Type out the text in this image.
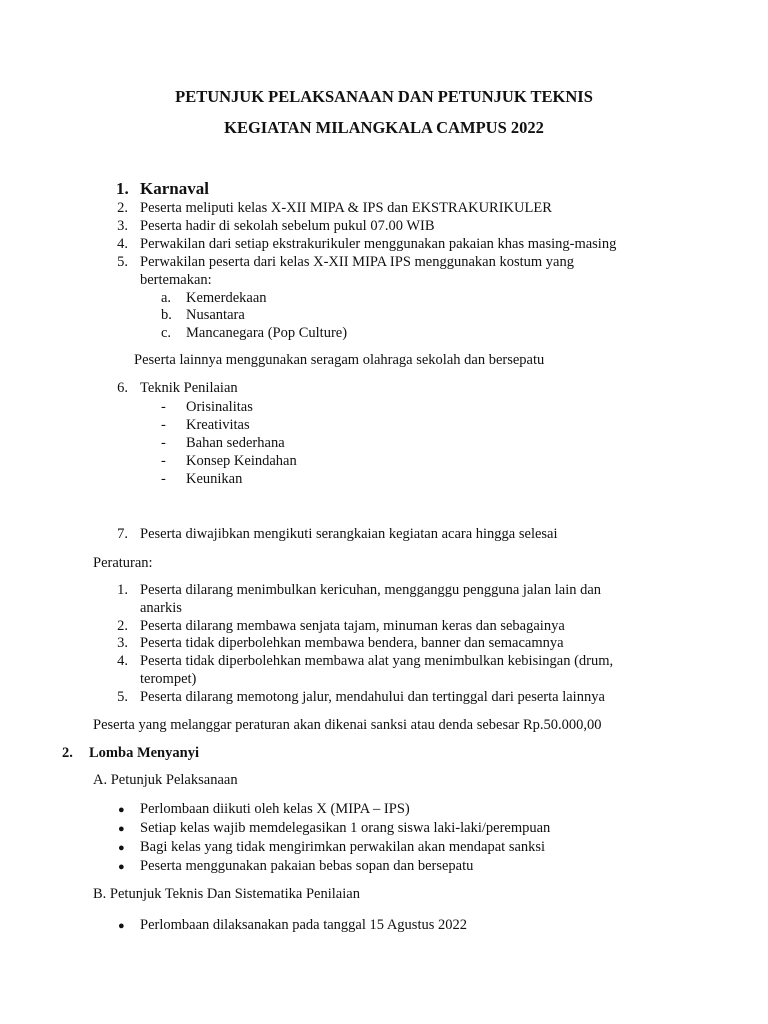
PETUNJUK PELAKSANAAN DAN PETUNJUK TEKNIS
KEGIATAN MILANGKALA CAMPUS 2022
1. Karnaval
2. Peserta meliputi kelas X-XII MIPA & IPS dan EKSTRAKURIKULER
3. Peserta hadir di sekolah sebelum pukul 07.00 WIB
4. Perwakilan dari setiap ekstrakurikuler menggunakan pakaian khas masing-masing
5. Perwakilan peserta dari kelas X-XII MIPA IPS menggunakan kostum yang
bertemakan:
a. Kemerdekaan
b. Nusantara
c. Mancanegara (Pop Culture)
Peserta lainnya menggunakan seragam olahraga sekolah dan bersepatu
6. Teknik Penilaian
- Orisinalitas
- Kreativitas
- Bahan sederhana
- Konsep Keindahan
- Keunikan
7. Peserta diwajibkan mengikuti serangkaian kegiatan acara hingga selesai
Peraturan:
1. Peserta dilarang menimbulkan kericuhan, mengganggu pengguna jalan lain dan
anarkis
2. Peserta dilarang membawa senjata tajam, minuman keras dan sebagainya
3. Peserta tidak diperbolehkan membawa bendera, banner dan semacamnya
4. Peserta tidak diperbolehkan membawa alat yang menimbulkan kebisingan (drum,
terompet)
5. Peserta dilarang memotong jalur, mendahului dan tertinggal dari peserta lainnya
Peserta yang melanggar peraturan akan dikenai sanksi atau denda sebesar Rp.50.000,00
2. Lomba Menyanyi
A. Petunjuk Pelaksanaan
● Perlombaan diikuti oleh kelas X (MIPA – IPS)
● Setiap kelas wajib memdelegasikan 1 orang siswa laki-laki/perempuan
● Bagi kelas yang tidak mengirimkan perwakilan akan mendapat sanksi
● Peserta menggunakan pakaian bebas sopan dan bersepatu
B. Petunjuk Teknis Dan Sistematika Penilaian
● Perlombaan dilaksanakan pada tanggal 15 Agustus 2022
